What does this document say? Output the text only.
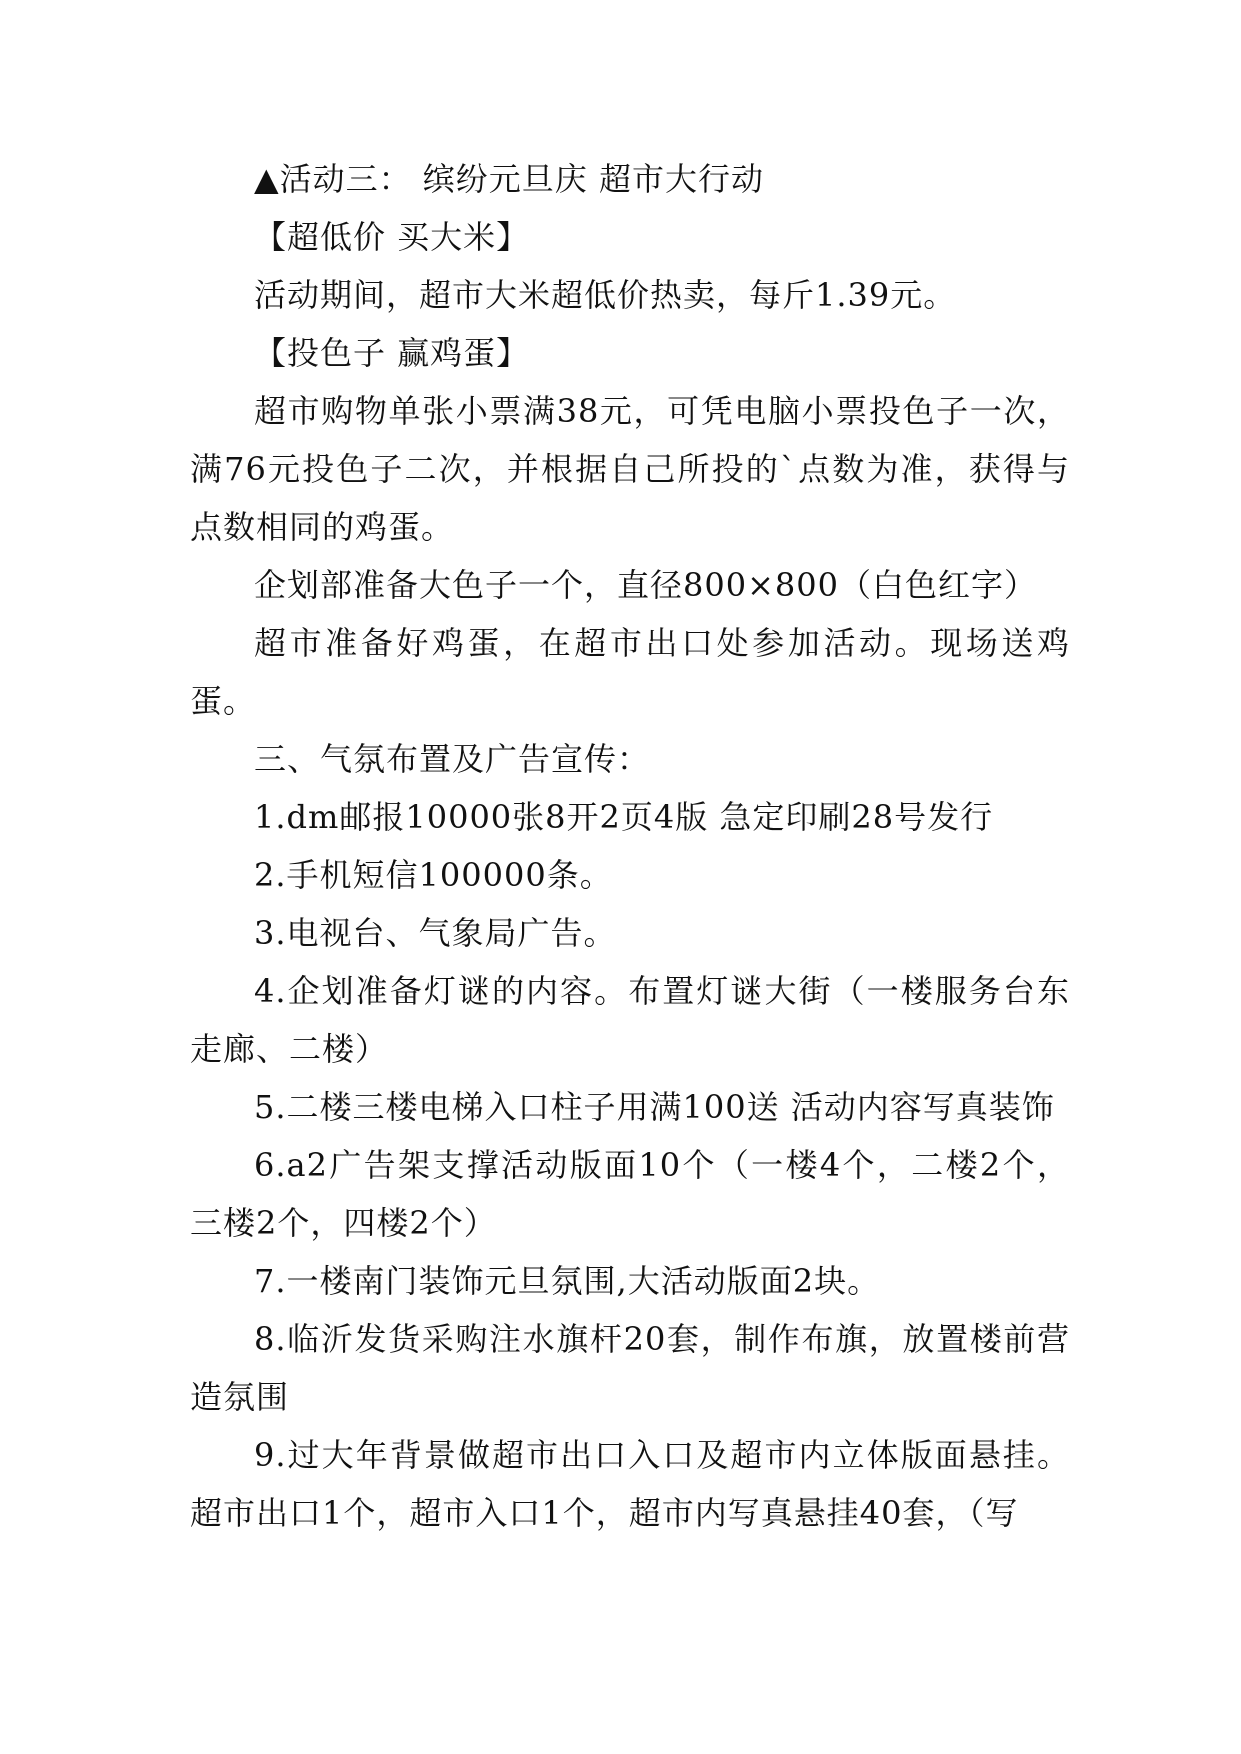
▲活动三： 缤纷元旦庆 超市大行动

【超低价 买大米】

活动期间，超市大米超低价热卖，每斤1.39元。

【投色子 赢鸡蛋】

超市购物单张小票满38元，可凭电脑小票投色子一次，满76元投色子二次，并根据自己所投的`点数为准，获得与点数相同的鸡蛋。

企划部准备大色子一个，直径800×800（白色红字）

超市准备好鸡蛋，在超市出口处参加活动。现场送鸡蛋。

三、气氛布置及广告宣传：

1.dm邮报10000张8开2页4版 急定印刷28号发行

2.手机短信100000条。

3.电视台、气象局广告。

4.企划准备灯谜的内容。布置灯谜大街（一楼服务台东走廊、二楼）

5.二楼三楼电梯入口柱子用满100送 活动内容写真装饰

6.a2广告架支撑活动版面10个（一楼4个，二楼2个，三楼2个，四楼2个）

7.一楼南门装饰元旦氛围,大活动版面2块。

8.临沂发货采购注水旗杆20套，制作布旗，放置楼前营造氛围

9.过大年背景做超市出口入口及超市内立体版面悬挂。超市出口1个，超市入口1个，超市内写真悬挂40套，（写
